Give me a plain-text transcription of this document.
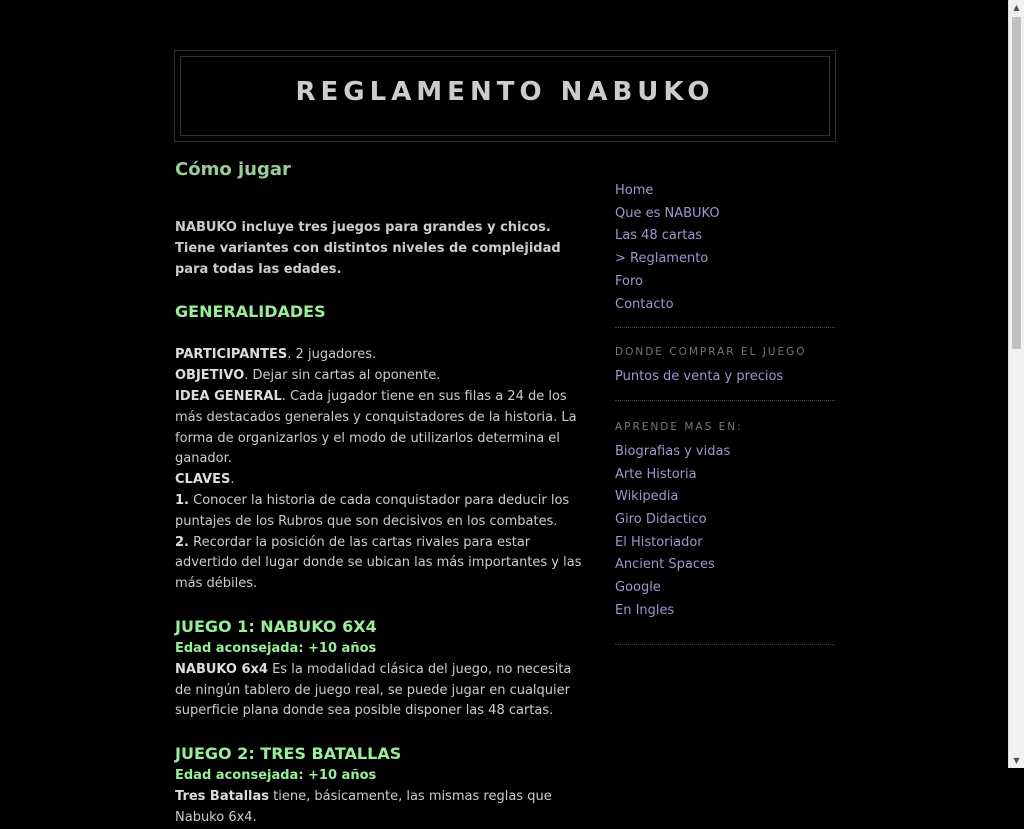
REGLAMENTO NABUKO
Cómo jugar

NABUKO incluye tres juegos para grandes y chicos. Tiene variantes con distintos niveles de complejidad para todas las edades.

GENERALIDADES
PARTICIPANTES. 2 jugadores.
OBJETIVO. Dejar sin cartas al oponente.
IDEA GENERAL. Cada jugador tiene en sus filas a 24 de los más destacados generales y conquistadores de la historia. La forma de organizarlos y el modo de utilizarlos determina el ganador.
CLAVES.
1. Conocer la historia de cada conquistador para deducir los puntajes de los Rubros que son decisivos en los combates.
2. Recordar la posición de las cartas rivales para estar advertido del lugar donde se ubican las más importantes y las más débiles.
JUEGO 1: NABUKO 6X4
Edad aconsejada: +10 años
NABUKO 6x4 Es la modalidad clásica del juego, no necesita de ningún tablero de juego real, se puede jugar en cualquier superficie plana donde sea posible disponer las 48 cartas.
JUEGO 2: TRES BATALLAS
Edad aconsejada: +10 años
Tres Batallas tiene, básicamente, las mismas reglas que Nabuko 6x4.
Home
Que es NABUKO
Las 48 cartas
> Reglamento
Foro
Contacto
DONDE COMPRAR EL JUEGO
Puntos de venta y precios
APRENDE MAS EN:
Biografias y vidas
Arte Historia
Wikipedia
Giro Didactico
El Historiador
Ancient Spaces
Google
En Ingles
▲
▼
